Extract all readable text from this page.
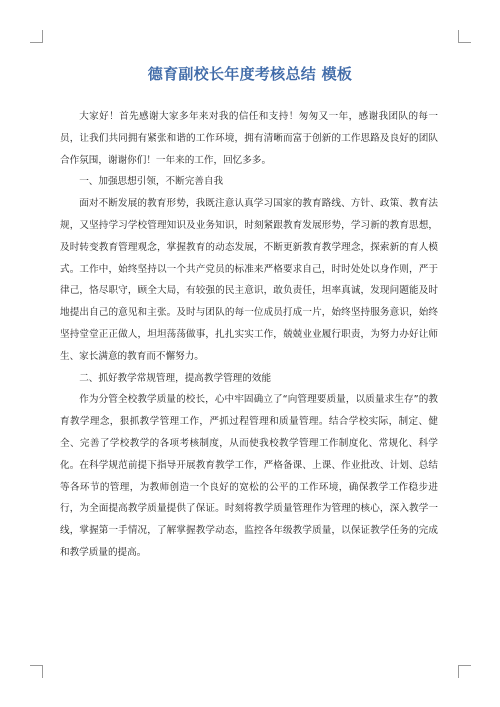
德育副校长年度考核总结 模板

大家好！首先感谢大家多年来对我的信任和支持！匆匆又一年，感谢我团队的每一员，让我们共同拥有紧张和谐的工作环境，拥有清晰而富于创新的工作思路及良好的团队合作氛围，谢谢你们！一年来的工作，回忆多多。

一、加强思想引领，不断完善自我

面对不断发展的教育形势，我既注意认真学习国家的教育路线、方针、政策、教育法规，又坚持学习学校管理知识及业务知识，时刻紧跟教育发展形势，学习新的教育思想，及时转变教育管理观念，掌握教育的动态发展，不断更新教育教学理念，探索新的育人模式。工作中，始终坚持以一个共产党员的标准来严格要求自己，时时处处以身作则，严于律己，恪尽职守，顾全大局，有较强的民主意识，敢负责任，坦率真诚，发现问题能及时地提出自己的意见和主张。及时与团队的每一位成员打成一片，始终坚持服务意识，始终坚持堂堂正正做人，坦坦荡荡做事，扎扎实实工作，兢兢业业履行职责，为努力办好让师生、家长满意的教育而不懈努力。

二、抓好教学常规管理，提高教学管理的效能

作为分管全校教学质量的校长，心中牢固确立了“向管理要质量，以质量求生存”的教育教学理念，狠抓教学管理工作，严抓过程管理和质量管理。结合学校实际，制定、健全、完善了学校教学的各项考核制度，从而使我校教学管理工作制度化、常规化、科学化。在科学规范前提下指导开展教育教学工作，严格备课、上课、作业批改、计划、总结等各环节的管理，为教师创造一个良好的宽松的公平的工作环境，确保教学工作稳步进行，为全面提高教学质量提供了保证。时刻将教学质量管理作为管理的核心，深入教学一线，掌握第一手情况，了解掌握教学动态，监控各年级教学质量，以保证教学任务的完成和教学质量的提高。
